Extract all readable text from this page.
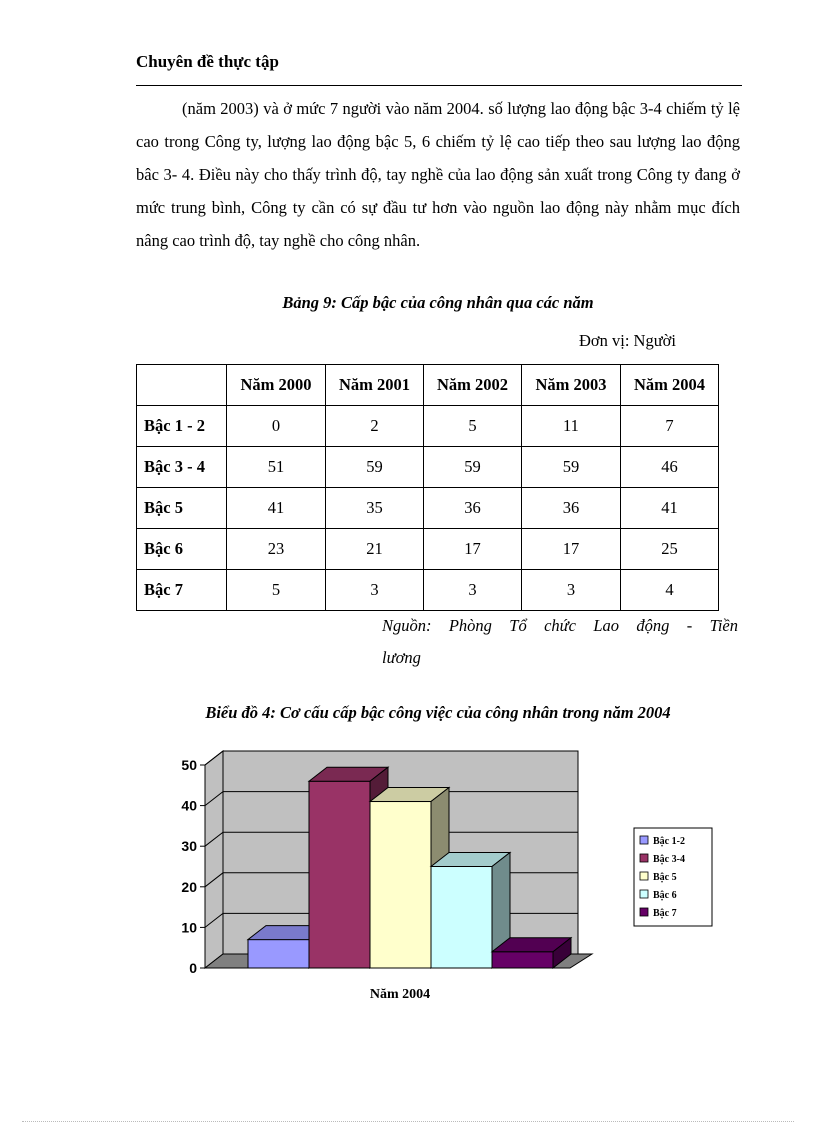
Chuyên đề thực tập

(năm 2003) và ở mức 7 người vào năm 2004. số lượng lao động bậc 3-4 chiếm tỷ lệ cao trong Công ty, lượng lao động bậc 5, 6 chiếm tỷ lệ cao tiếp theo sau lượng lao động bâc 3- 4. Điều này cho thấy trình độ, tay nghề của lao động sản xuất trong Công ty đang ở mức trung bình, Công ty cần có sự đầu tư hơn vào nguồn lao động này nhằm mục đích nâng cao trình độ, tay nghề cho công nhân.

Bảng 9: Cấp bậc của công nhân qua các năm
Đơn vị: Người
	Năm 2000	Năm 2001	Năm 2002	Năm 2003	Năm 2004
Bậc 1 - 2	0	2	5	11	7
Bậc 3 - 4	51	59	59	59	46
Bậc 5	41	35	36	36	41
Bậc 6	23	21	17	17	25
Bậc 7	5	3	3	3	4
Nguồn: Phòng Tổ chức Lao động - Tiền
lương
Biểu đồ 4: Cơ cấu cấp bậc công việc của công nhân trong năm 2004
0
10
20
30
40
50
Năm 2004
Bậc 1-2
Bậc 3-4
Bậc 5
Bậc 6
Bậc 7
